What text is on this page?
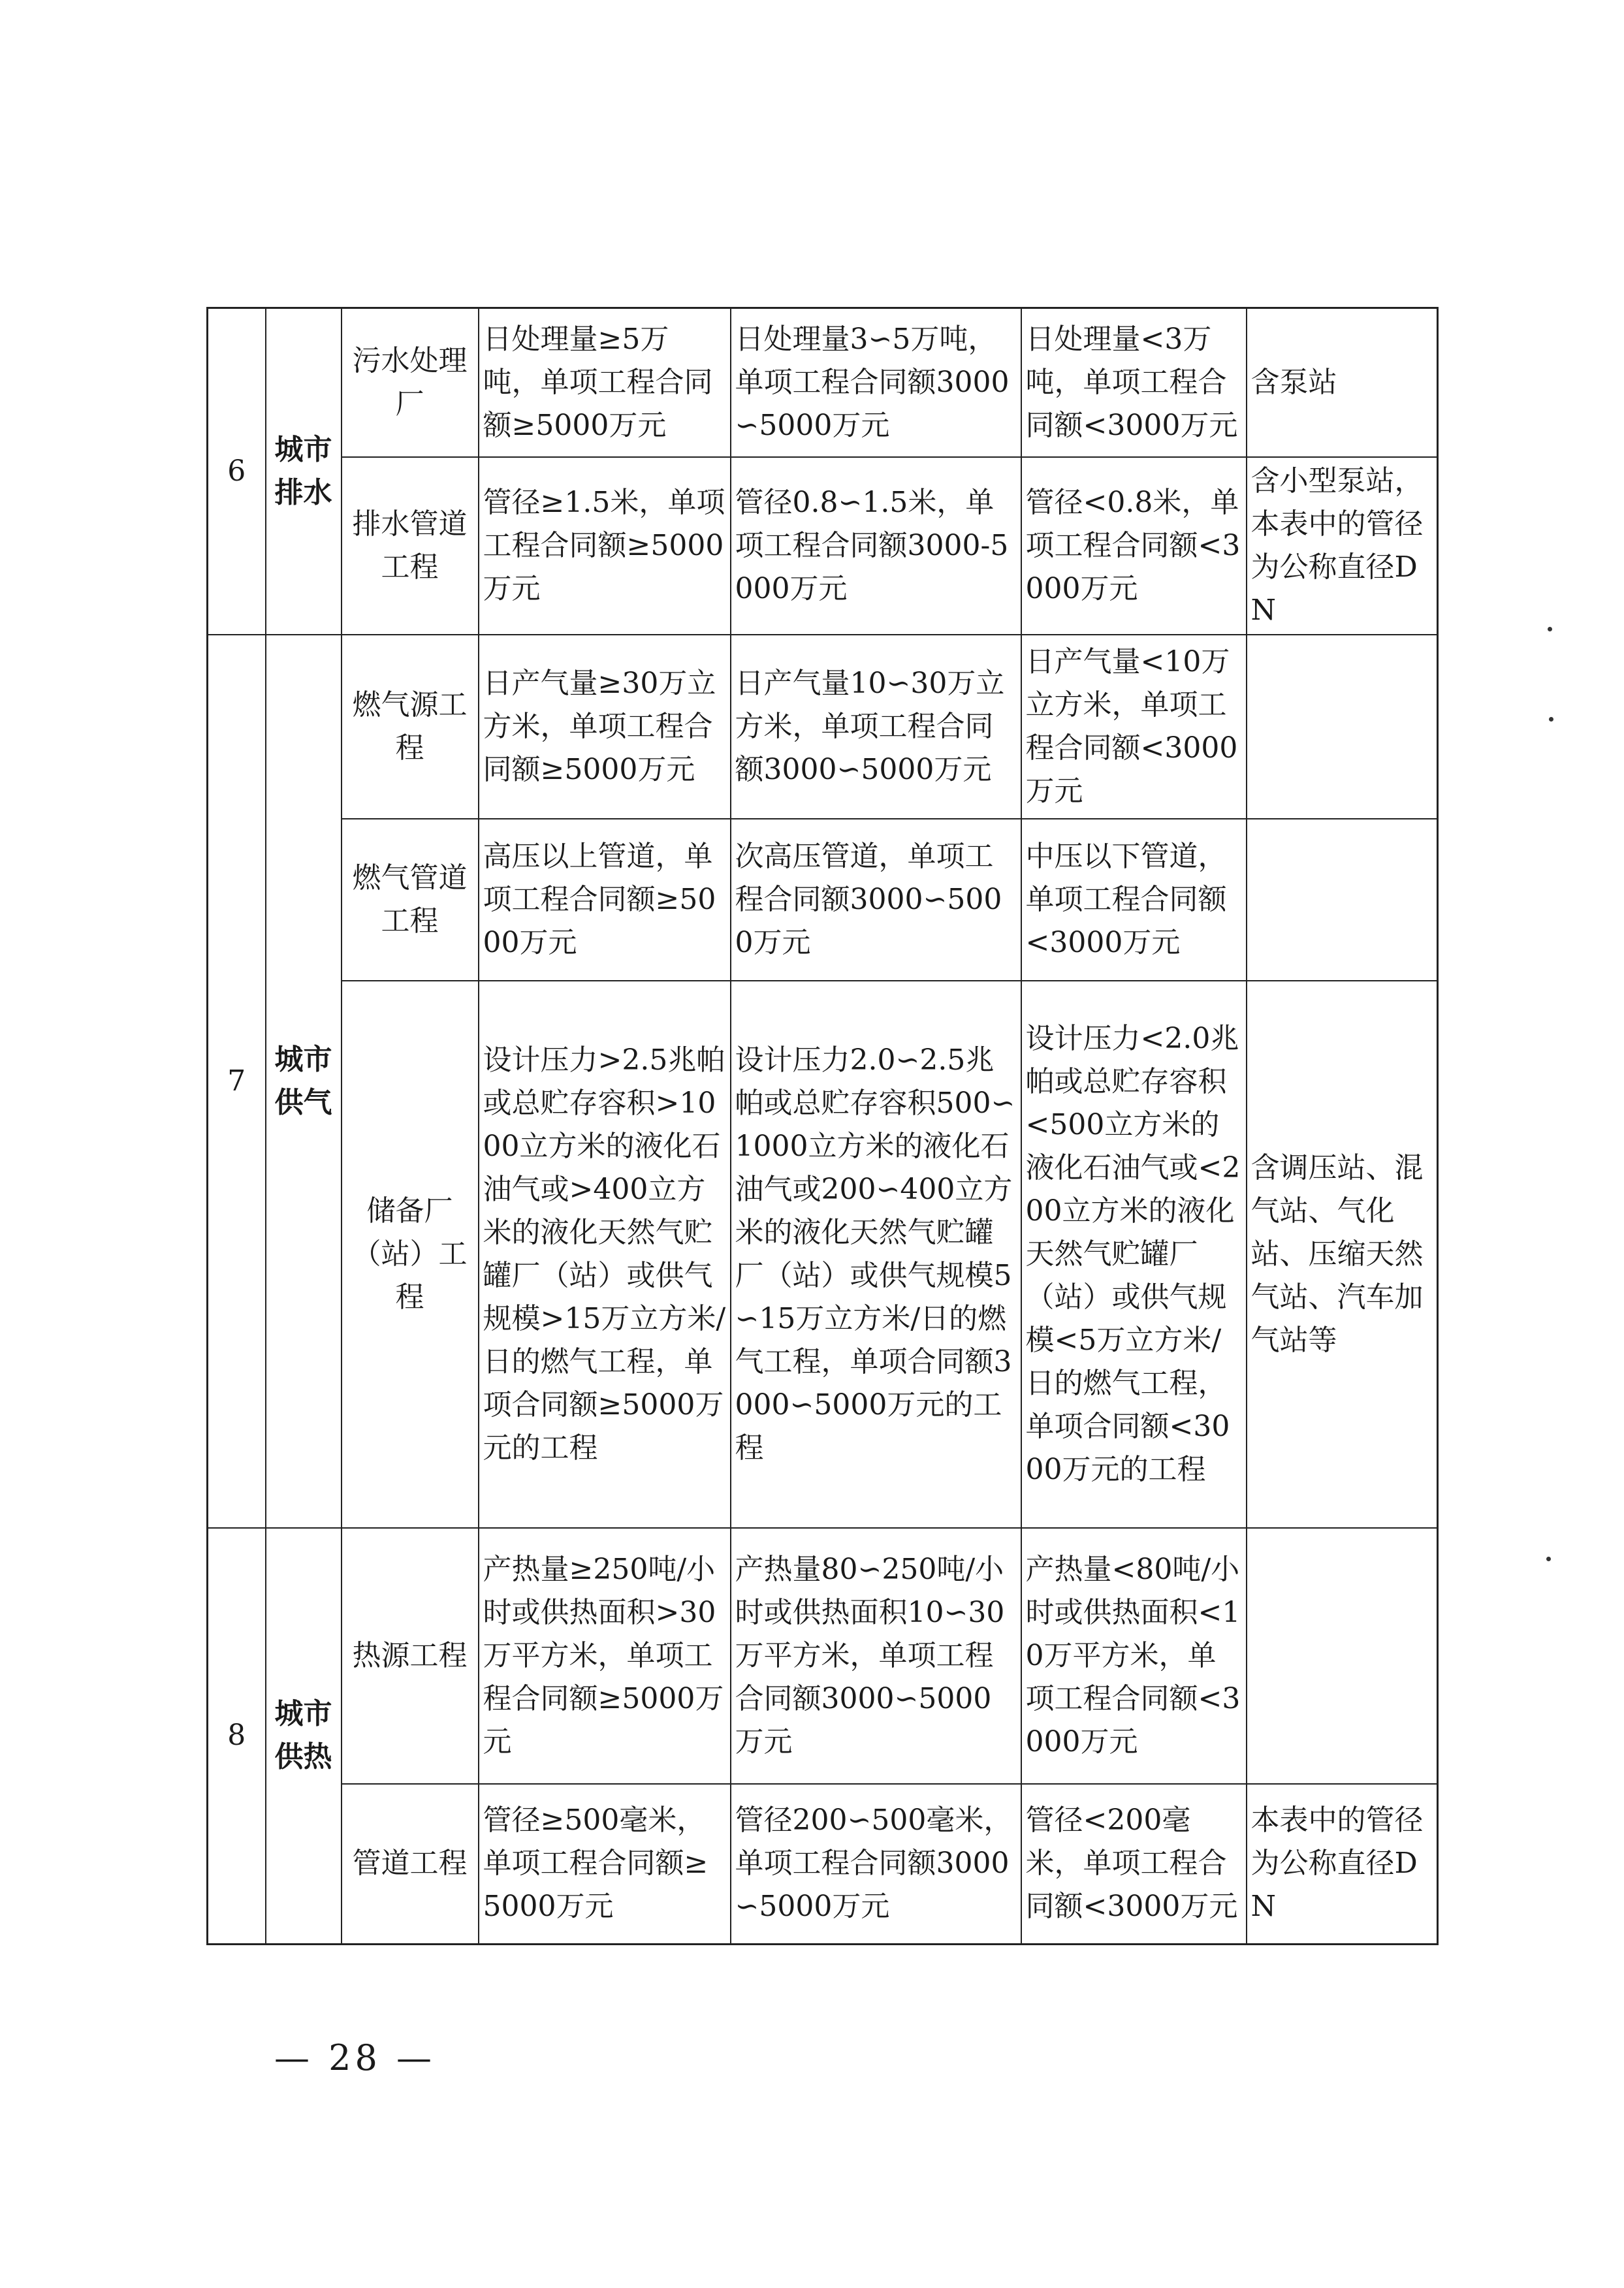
6	城市排水	污水处理厂	日处理量≥5万吨，单项工程合同额≥5000万元	日处理量3∽5万吨，单项工程合同额3000∽5000万元	日处理量<3万吨，单项工程合同额<3000万元	含泵站
		排水管道工程	管径≥1.5米，单项工程合同额≥5000万元	管径0.8∽1.5米，单项工程合同额3000-5000万元	管径<0.8米，单项工程合同额<3000万元	含小型泵站，本表中的管径为公称直径DN
7	城市供气	燃气源工程	日产气量≥30万立方米，单项工程合同额≥5000万元	日产气量10∽30万立方米，单项工程合同额3000∽5000万元	日产气量<10万立方米，单项工程合同额<3000万元	
		燃气管道工程	高压以上管道，单项工程合同额≥5000万元	次高压管道，单项工程合同额3000∽5000万元	中压以下管道，单项工程合同额<3000万元	
		储备厂（站）工程	设计压力>2.5兆帕或总贮存容积>1000立方米的液化石油气或>400立方米的液化天然气贮罐厂（站）或供气规模>15万立方米/日的燃气工程，单项合同额≥5000万元的工程	设计压力2.0∽2.5兆帕或总贮存容积500∽1000立方米的液化石油气或200∽400立方米的液化天然气贮罐厂（站）或供气规模5∽15万立方米/日的燃气工程，单项合同额3000∽5000万元的工程	设计压力<2.0兆帕或总贮存容积<500立方米的液化石油气或<200立方米的液化天然气贮罐厂（站）或供气规模<5万立方米/日的燃气工程，单项合同额<3000万元的工程	含调压站、混气站、气化站、压缩天然气站、汽车加气站等
8	城市供热	热源工程	产热量≥250吨/小时或供热面积>30万平方米，单项工程合同额≥5000万元	产热量80∽250吨/小时或供热面积10∽30万平方米，单项工程合同额3000∽5000万元	产热量<80吨/小时或供热面积<10万平方米，单项工程合同额<3000万元	
		管道工程	管径≥500毫米，单项工程合同额≥5000万元	管径200∽500毫米，单项工程合同额3000∽5000万元	管径<200毫米，单项工程合同额<3000万元	本表中的管径为公称直径DN
— 28 —
